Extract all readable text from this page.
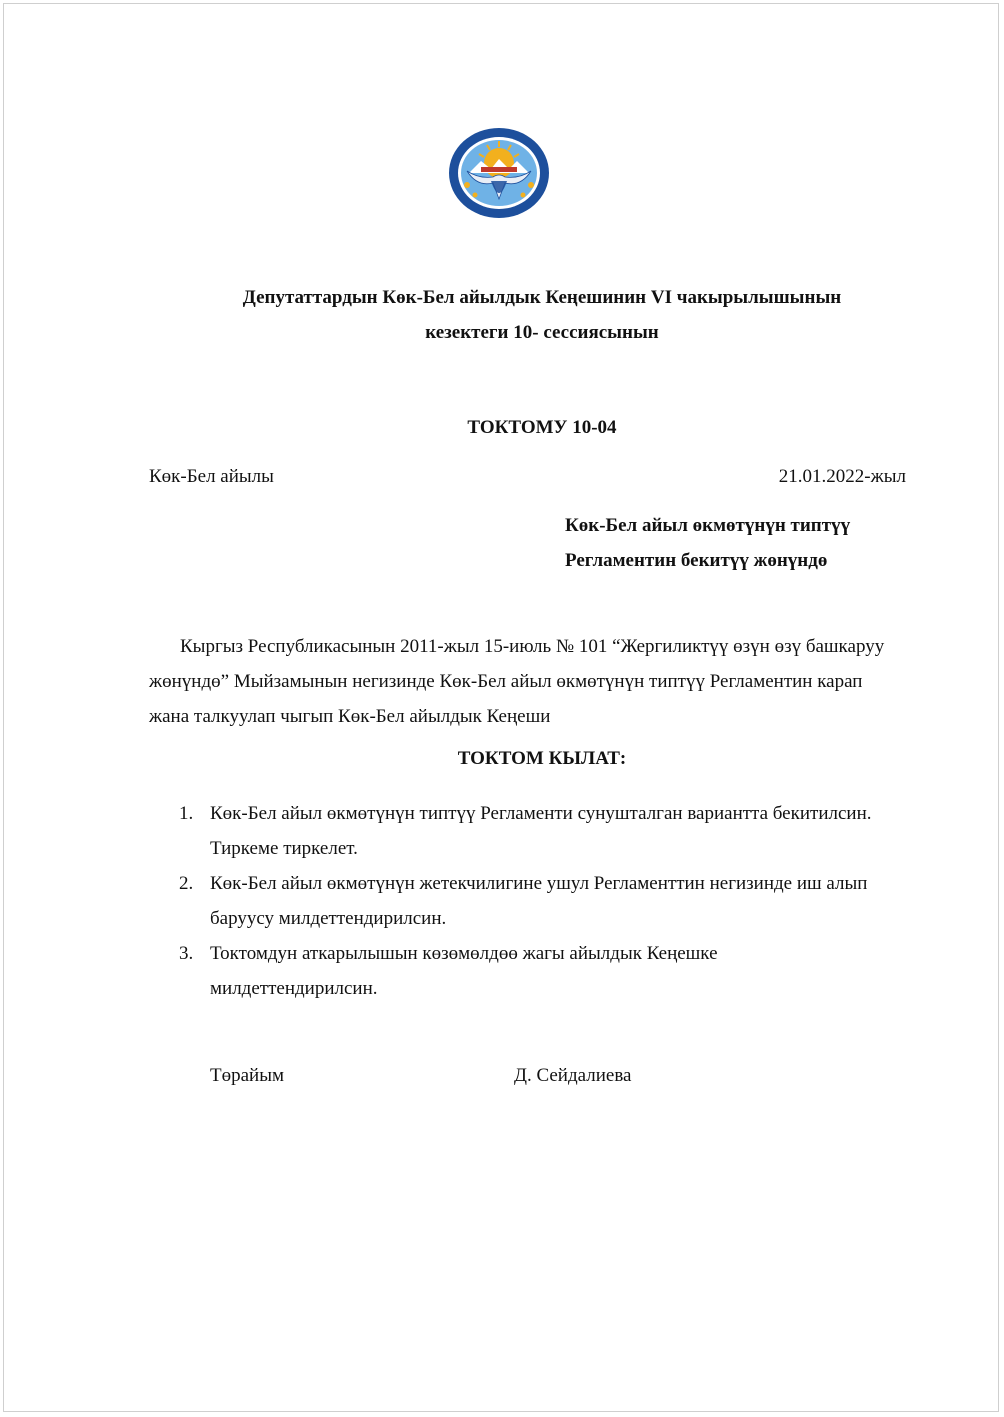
Депутаттардын Көк-Бел айылдык Кеңешинин VI чакырылышынын
кезектеги 10- сессиясынын
ТОКТОМУ 10-04
Көк-Бел айылы	21.01.2022-жыл
Көк-Бел айыл өкмөтүнүн типтүү
Регламентин бекитүү жөнүндө
Кыргыз Республикасынын 2011-жыл 15-июль № 101 “Жергиликтүү өзүн өзү башкаруу
жөнүндө” Мыйзамынын негизинде Көк-Бел айыл өкмөтүнүн типтүү Регламентин карап
жана талкуулап чыгып Көк-Бел айылдык Кеңеши
ТОКТОМ КЫЛАТ:
1. Көк-Бел айыл өкмөтүнүн типтүү Регламенти сунушталган вариантта бекитилсин.
Тиркеме тиркелет.
2. Көк-Бел айыл өкмөтүнүн жетекчилигине ушул Регламенттин негизинде иш алып
баруусу милдеттендирилсин.
3. Токтомдун аткарылышын көзөмөлдөө жагы айылдык Кеңешке
милдеттендирилсин.
Төрайым	Д. Сейдалиева
